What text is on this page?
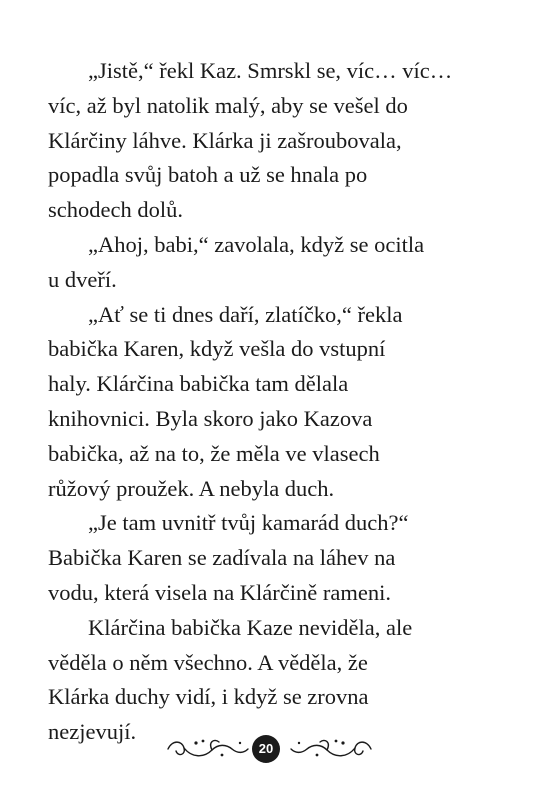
„Jistě,“ řekl Kaz. Smrskl se, víc… víc…
víc, až byl natolik malý, aby se vešel do
Klárčiny láhve. Klárka ji zašroubovala,
popadla svůj batoh a už se hnala po
schodech dolů.
„Ahoj, babi,“ zavolala, když se ocitla
u dveří.
„Ať se ti dnes daří, zlatíčko,“ řekla
babička Karen, když vešla do vstupní
haly. Klárčina babička tam dělala
knihovnici. Byla skoro jako Kazova
babička, až na to, že měla ve vlasech
růžový proužek. A nebyla duch.
„Je tam uvnitř tvůj kamarád duch?“
Babička Karen se zadívala na láhev na
vodu, která visela na Klárčině rameni.
Klárčina babička Kaze neviděla, ale
věděla o něm všechno. A věděla, že
Klárka duchy vidí, i když se zrovna
nezjevují.
20
